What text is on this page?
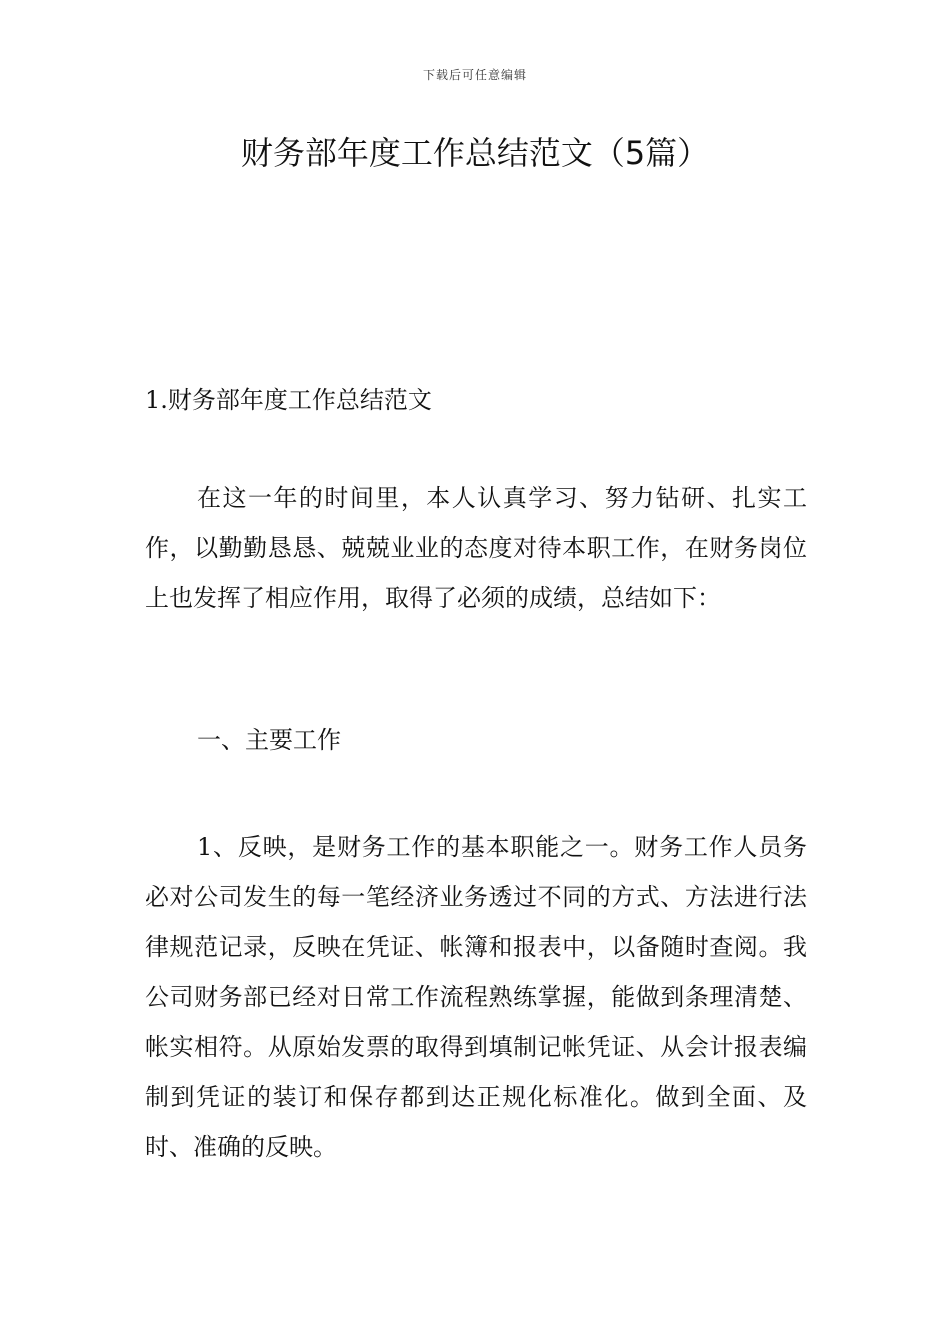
下载后可任意编辑
财务部年度工作总结范文（5篇）
1.财务部年度工作总结范文

在这一年的时间里，本人认真学习、努力钻研、扎实工作，以勤勤恳恳、兢兢业业的态度对待本职工作，在财务岗位上也发挥了相应作用，取得了必须的成绩，总结如下：

一、主要工作

1、反映，是财务工作的基本职能之一。财务工作人员务必对公司发生的每一笔经济业务透过不同的方式、方法进行法律规范记录，反映在凭证、帐簿和报表中，以备随时查阅。我公司财务部已经对日常工作流程熟练掌握，能做到条理清楚、帐实相符。从原始发票的取得到填制记帐凭证、从会计报表编制到凭证的装订和保存都到达正规化标准化。做到全面、及时、准确的反映。
